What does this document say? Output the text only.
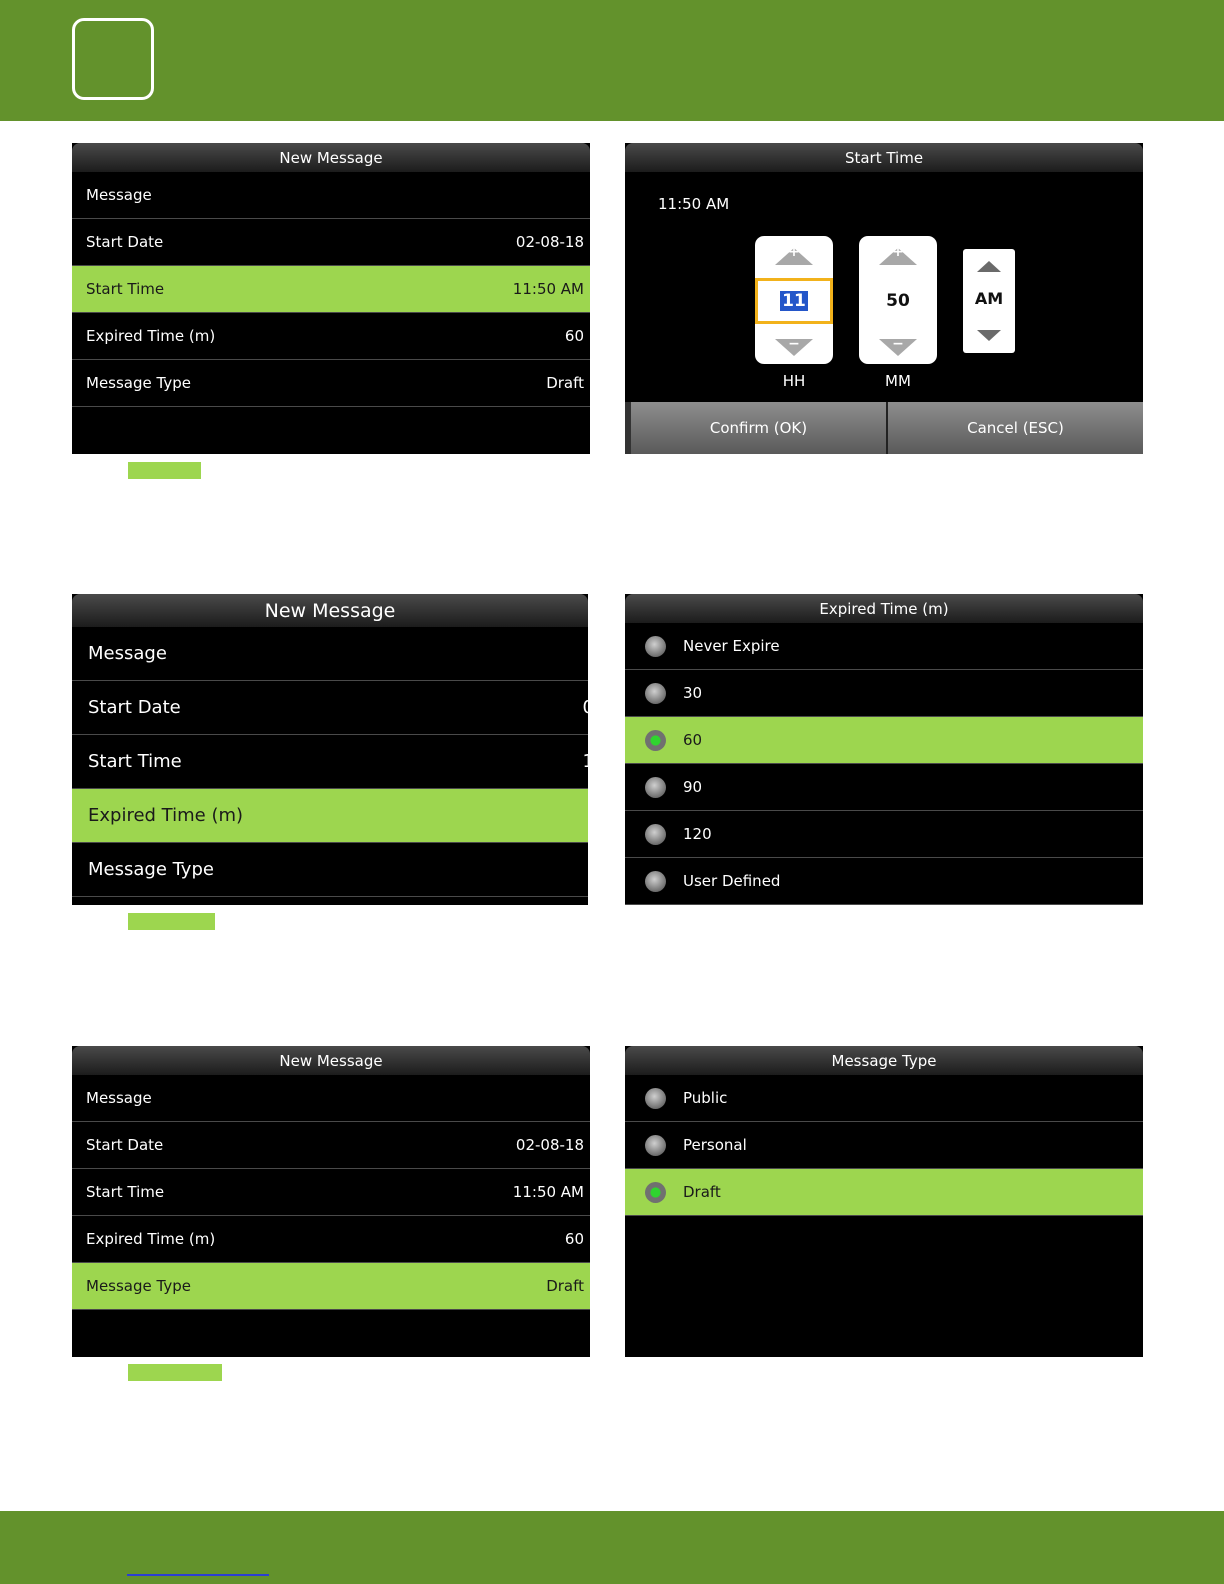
New Message
Message
Start Date	02-08-18
Start Time	11:50 AM
Expired Time (m)	60
Message Type	Draft
Start Time
11:50 AM
+
11
−
HH
+
50
−
MM
AM
Confirm (OK)	Cancel (ESC)
New Message
Message
Start Date	0
Start Time	1
Expired Time (m)
Message Type
Expired Time (m)
Never Expire
30
60
90
120
User Defined
New Message
Message
Start Date	02-08-18
Start Time	11:50 AM
Expired Time (m)	60
Message Type	Draft
Message Type
Public
Personal
Draft
